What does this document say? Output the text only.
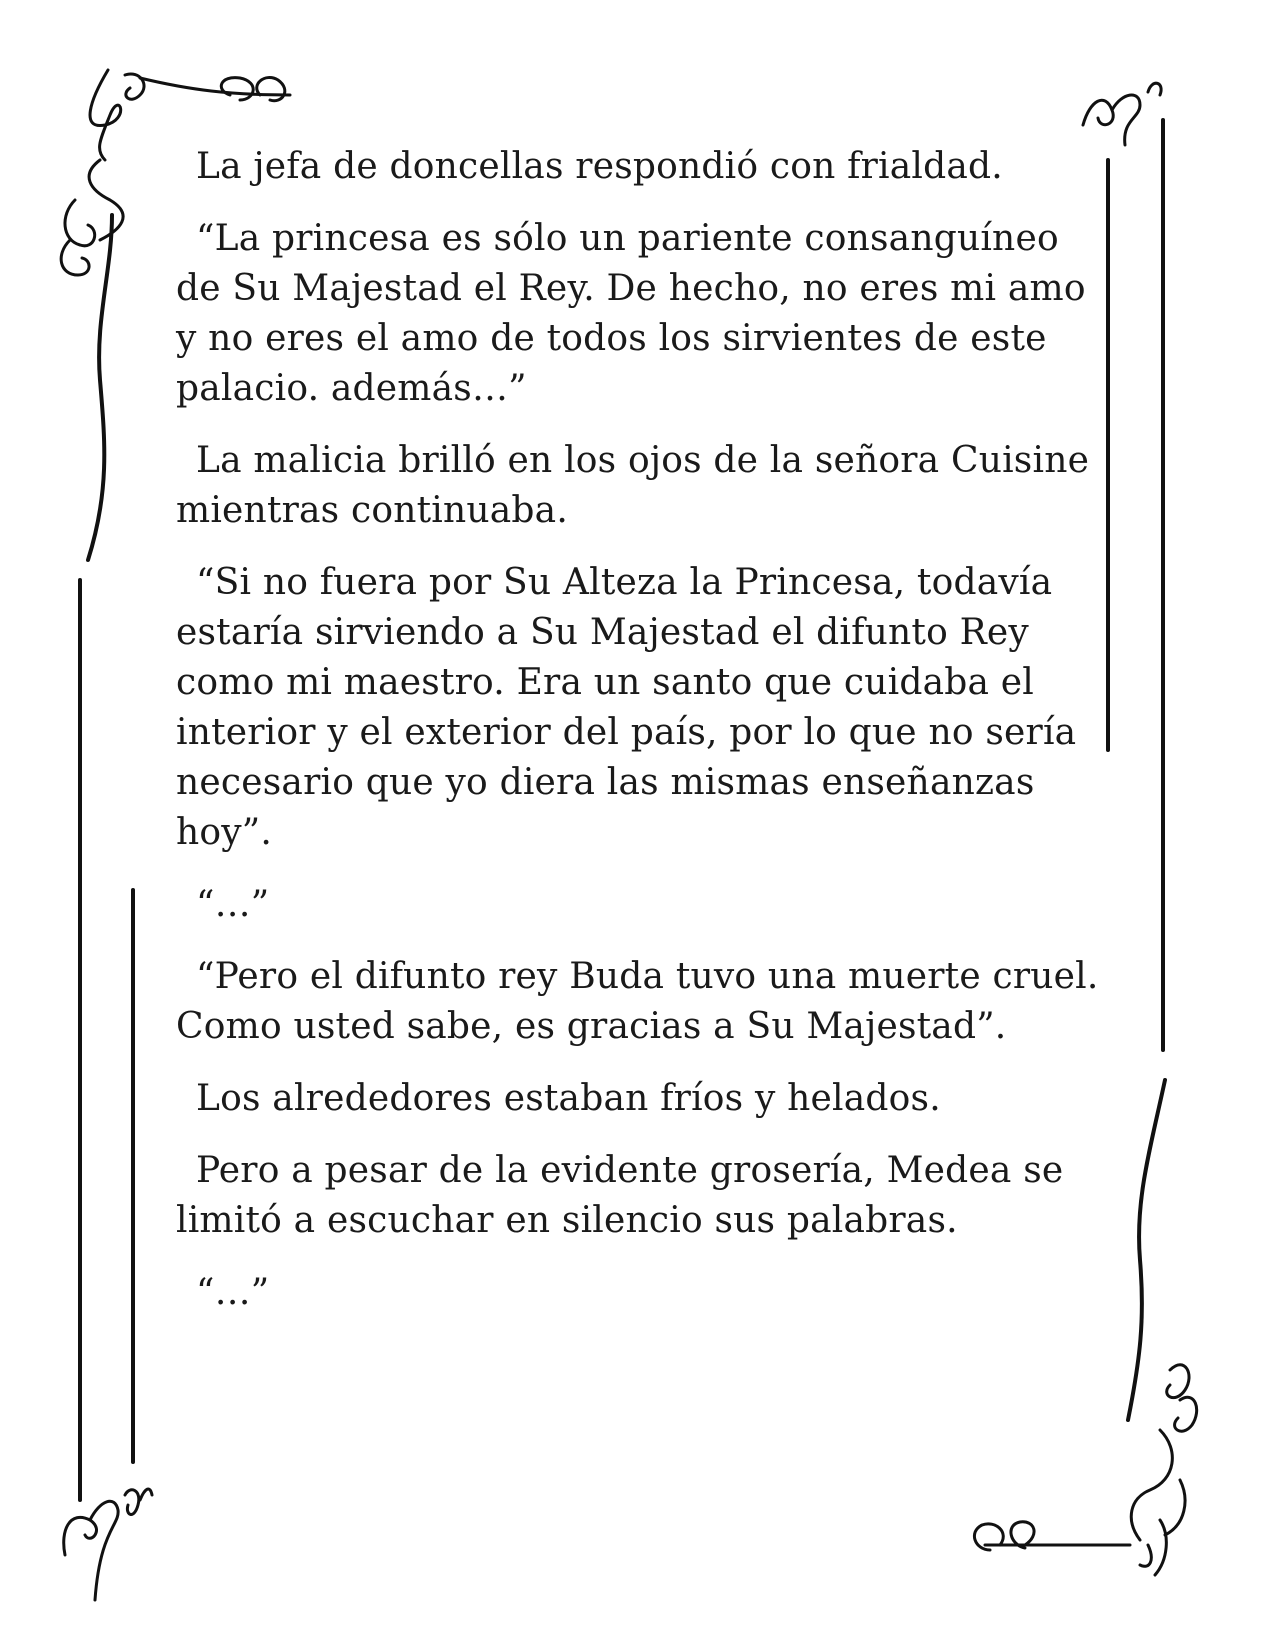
La jefa de doncellas respondió con frialdad.

“La princesa es sólo un pariente consanguíneo de Su Majestad el Rey. De hecho, no eres mi amo y no eres el amo de todos los sirvientes de este palacio. además…”

La malicia brilló en los ojos de la señora Cuisine mientras continuaba.

“Si no fuera por Su Alteza la Princesa, todavía estaría sirviendo a Su Majestad el difunto Rey como mi maestro. Era un santo que cuidaba el interior y el exterior del país, por lo que no sería necesario que yo diera las mismas enseñanzas hoy”.

“…”

“Pero el difunto rey Buda tuvo una muerte cruel. Como usted sabe, es gracias a Su Majestad”.

Los alrededores estaban fríos y helados.

Pero a pesar de la evidente grosería, Medea se limitó a escuchar en silencio sus palabras.

“…”
